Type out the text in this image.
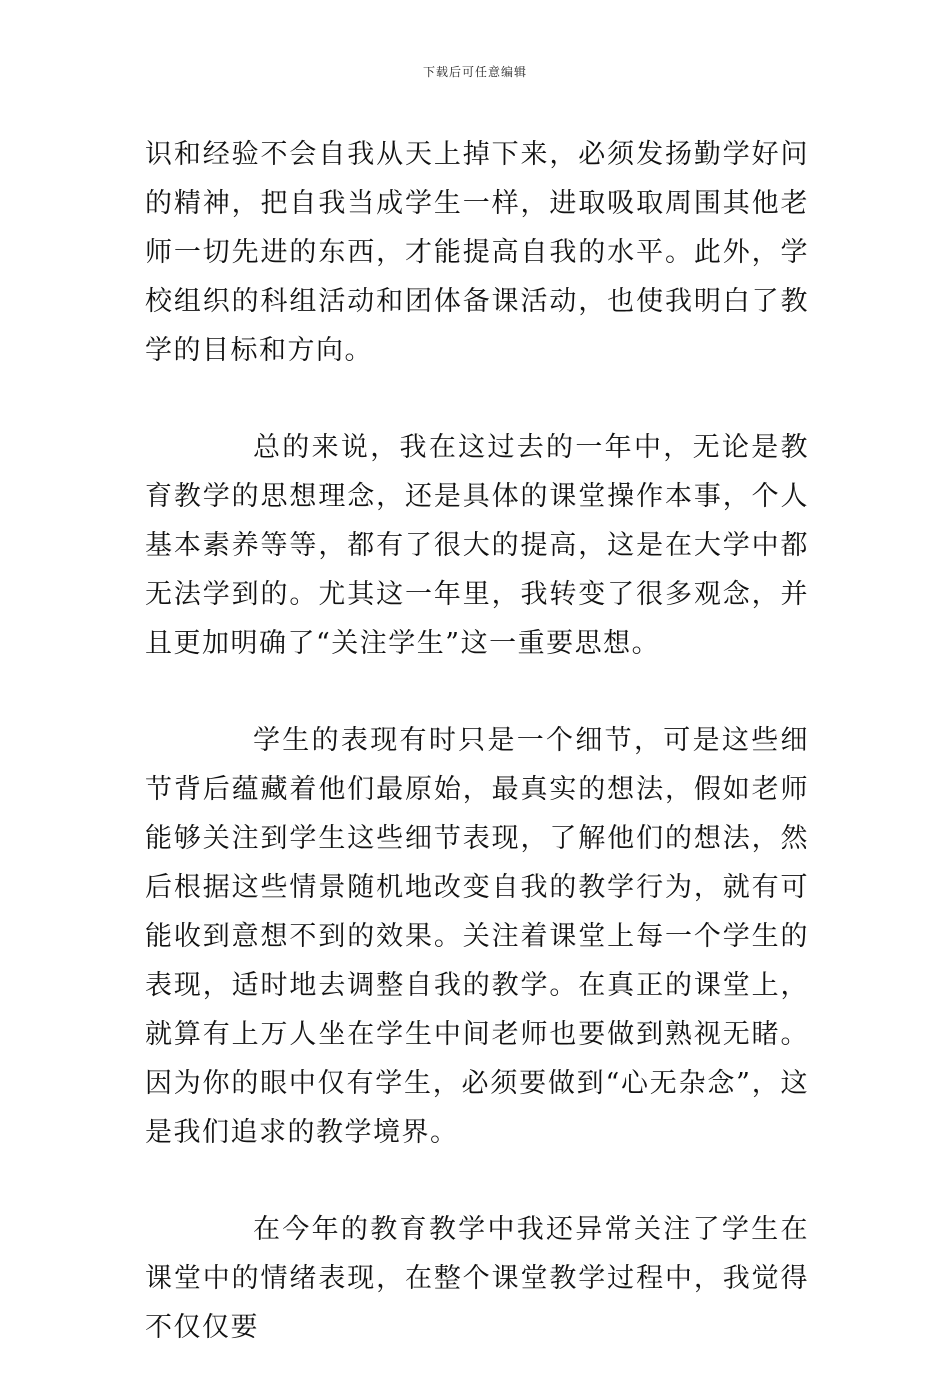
下载后可任意编辑

识和经验不会自我从天上掉下来，必须发扬勤学好问的精神，把自我当成学生一样，进取吸取周围其他老师一切先进的东西，才能提高自我的水平。此外，学校组织的科组活动和团体备课活动，也使我明白了教学的目标和方向。

总的来说，我在这过去的一年中，无论是教育教学的思想理念，还是具体的课堂操作本事，个人基本素养等等，都有了很大的提高，这是在大学中都无法学到的。尤其这一年里，我转变了很多观念，并且更加明确了“关注学生”这一重要思想。

学生的表现有时只是一个细节，可是这些细节背后蕴藏着他们最原始，最真实的想法，假如老师能够关注到学生这些细节表现，了解他们的想法，然后根据这些情景随机地改变自我的教学行为，就有可能收到意想不到的效果。关注着课堂上每一个学生的表现，适时地去调整自我的教学。在真正的课堂上，就算有上万人坐在学生中间老师也要做到熟视无睹。因为你的眼中仅有学生，必须要做到“心无杂念”，这是我们追求的教学境界。

在今年的教育教学中我还异常关注了学生在课堂中的情绪表现，在整个课堂教学过程中，我觉得不仅仅要
